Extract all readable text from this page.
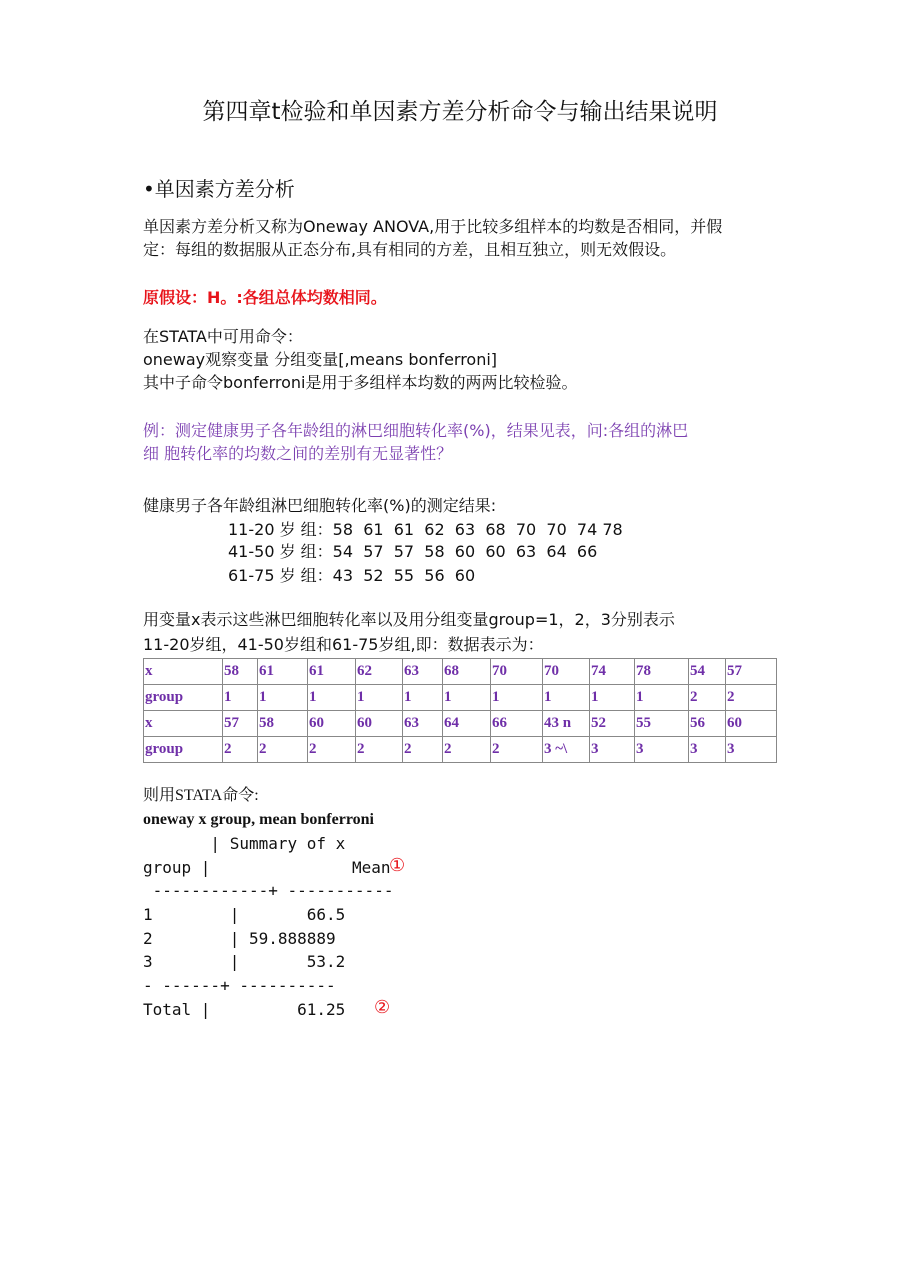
第四章t检验和单因素方差分析命令与输出结果说明
•单因素方差分析
单因素方差分析又称为Oneway ANOVA,用于比较多组样本的均数是否相同，并假
定：每组的数据服从正态分布,具有相同的方差，且相互独立，则无效假设。
原假设：H。:各组总体均数相同。
在STATA中可用命令：
oneway观察变量 分组变量[,means bonferroni]
其中子命令bonferroni是用于多组样本均数的两两比较检验。
例：测定健康男子各年龄组的淋巴细胞转化率(%)，结果见表，问:各组的淋巴
细 胞转化率的均数之间的差别有无显著性？
健康男子各年龄组淋巴细胞转化率(%)的测定结果:
11-20 岁 组：58  61  61  62  63  68  70  70  74 78
41-50 岁 组：54  57  57  58  60  60  63  64  66
61-75 岁 组：43  52  55  56  60
用变量x表示这些淋巴细胞转化率以及用分组变量group=1，2，3分别表示
11-20岁组，41-50岁组和61-75岁组,即：数据表示为：
x	58	61	61	62	63	68	70	70	74	78	54	57
group	1	1	1	1	1	1	1	1	1	1	2	2
x	57	58	60	60	63	64	66	43 n	52	55	56	60
group	2	2	2	2	2	2	2	3 ~\	3	3	3	3
则用STATA命令:
oneway x group, mean bonferroni
| Summary of x
group |	Mean
①
------------+ -----------
1        |       66.5
2        | 59.888889
3        |       53.2
- ------+ ----------
Total |         61.25 ②
